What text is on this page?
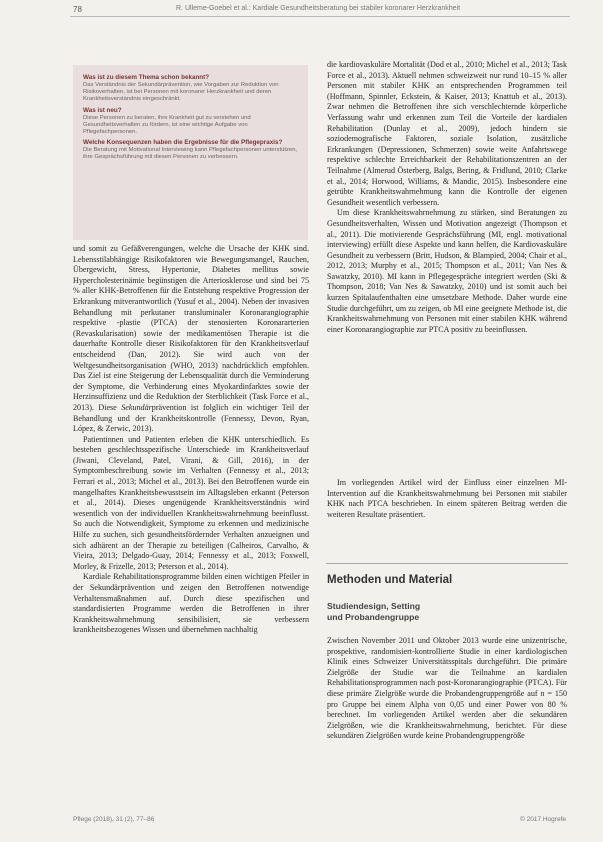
78	R. Ulleme-Goebel et al.: Kardiale Gesundheitsberatung bei stabiler koronarer Herzkrankheit
Was ist zu diesem Thema schon bekannt?
Das Verständnis der Sekundärprävention, wie Vorgaben zur Reduktion von Risikoverhalten, ist bei Personen mit koronarer Herzkrankheit und deren Krankheitsverständnis eingeschränkt.
Was ist neu?
Diese Personen zu beraten, ihre Krankheit gut zu verstehen und Gesundheitsverhalten zu fördern, ist eine wichtige Aufgabe von Pflegefachpersonen.
Welche Konsequenzen haben die Ergebnisse für die Pflegepraxis?
Die Beratung mit Motivational Interviewing kann Pflegefachpersonen unterstützen, ihre Gesprächsführung mit diesen Personen zu verbessern.

und somit zu Gefäßverengungen, welche die Ursache der KHK sind. Lebensstilabhängige Risikofaktoren wie Bewegungsmangel, Rauchen, Übergewicht, Stress, Hypertonie, Diabetes mellitus sowie Hypercholesterinämie begünstigen die Arteriosklerose und sind bei 75 % aller KHK-Betroffenen für die Entstehung respektive Progression der Erkrankung mitverantwortlich (Yusuf et al., 2004). Neben der invasiven Behandlung mit perkutaner transluminaler Koronarangiographie respektive -plastie (PTCA) der stenosierten Koronararterien (Revaskularisation) sowie der medikamentösen Therapie ist die dauerhafte Kontrolle dieser Risikofaktoren für den Krankheitsverlauf entscheidend (Dan, 2012). Sie wird auch von der Weltgesundheitsorganisation (WHO, 2013) nachdrücklich empfohlen. Das Ziel ist eine Steigerung der Lebensqualität durch die Verminderung der Symptome, die Verhinderung eines Myokardinfarktes sowie der Herzinsuffizienz und die Reduktion der Sterblichkeit (Task Force et al., 2013). Diese Sekundärprävention ist folglich ein wichtiger Teil der Behandlung und der Krankheitskontrolle (Fennessy, Devon, Ryan, López, & Zerwic, 2013).

Patientinnen und Patienten erleben die KHK unterschiedlich. Es bestehen geschlechtsspezifische Unterschiede im Krankheitsverlauf (Jiwani, Cleveland, Patel, Virani, & Gill, 2016), in der Symptombeschreibung sowie im Verhalten (Fennessy et al., 2013; Ferrari et al., 2013; Michel et al., 2013). Bei den Betroffenen wurde ein mangelhaftes Krankheitsbewusstsein im Alltagsleben erkannt (Peterson et al., 2014). Dieses ungenügende Krankheitsverständnis wird wesentlich von der individuellen Krankheitswahrnehmung beeinflusst. So auch die Notwendigkeit, Symptome zu erkennen und medizinische Hilfe zu suchen, sich gesundheitsfördernder Verhalten anzueignen und sich adhärent an der Therapie zu beteiligen (Calheiros, Carvalho, & Vieira, 2013; Delgado-Guay, 2014; Fennessy et al., 2013; Foxwell, Morley, & Frizelle, 2013; Peterson et al., 2014).

Kardiale Rehabilitationsprogramme bilden einen wichtigen Pfeiler in der Sekundärprävention und zeigen den Betroffenen notwendige Verhaltensmaßnahmen auf. Durch diese spezifischen und standardisierten Programme werden die Betroffenen in ihrer Krankheitswahrnehmung sensibilisiert, sie verbessern krankheitsbezogenes Wissen und übernehmen nachhaltig

die kardiovaskuläre Mortalität (Dod et al., 2010; Michel et al., 2013; Task Force et al., 2013). Aktuell nehmen schweizweit nur rund 10–15 % aller Personen mit stabiler KHK an entsprechenden Programmen teil (Hoffmann, Spinnler, Eckstein, & Kaiser, 2013; Knattub et al., 2013). Zwar nehmen die Betroffenen ihre sich verschlechternde körperliche Verfassung wahr und erkennen zum Teil die Vorteile der kardialen Rehabilitation (Dunlay et al., 2009), jedoch hindern sie soziodemografische Faktoren, soziale Isolation, zusätzliche Erkrankungen (Depressionen, Schmerzen) sowie weite Anfahrtswege respektive schlechte Erreichbarkeit der Rehabilitationszentren an der Teilnahme (Almerud Österberg, Balgs, Bering, & Fridlund, 2010; Clarke et al., 2014; Horwood, Williams, & Mandic, 2015). Insbesondere eine getrübte Krankheitswahrnehmung kann die Kontrolle der eigenen Gesundheit wesentlich verbessern.

Um diese Krankheitswahrnehmung zu stärken, sind Beratungen zu Gesundheitsverhalten, Wissen und Motivation angezeigt (Thompson et al., 2011). Die motivierende Gesprächsführung (MI, engl. motivational interviewing) erfüllt diese Aspekte und kann helfen, die Kardiovaskuläre Gesundheit zu verbessern (Britt, Hudson, & Blampied, 2004; Chair et al., 2012, 2013; Murphy et al., 2015; Thompson et al., 2011; Van Nes & Sawatzky, 2010). MI kann in Pflegegespräche integriert werden (Ski & Thompson, 2018; Van Nes & Sawatzky, 2010) und ist somit auch bei kurzen Spitalaufenthalten eine umsetzbare Methode. Daher wurde eine Studie durchgeführt, um zu zeigen, ob MI eine geeignete Methode ist, die Krankheitswahrnehmung von Personen mit einer stabilen KHK während einer Koronarangiographie zur PTCA positiv zu beeinflussen.

Im vorliegenden Artikel wird der Einfluss einer einzelnen MI-Intervention auf die Krankheitswahrnehmung bei Personen mit stabiler KHK nach PTCA beschrieben. In einem späteren Beitrag werden die weiteren Resultate präsentiert.

Methoden und Material
Studiendesign, Setting
und Probandengruppe

Zwischen November 2011 und Oktober 2013 wurde eine unizentrische, prospektive, randomisiert-kontrollierte Studie in einer kardiologischen Klinik eines Schweizer Universitätsspitals durchgeführt. Die primäre Zielgröße der Studie war die Teilnahme an kardialen Rehabilitationsprogrammen nach post-Koronarangiographie (PTCA). Für diese primäre Zielgröße wurde die Probandengruppengröße auf n = 150 pro Gruppe bei einem Alpha von 0,05 und einer Power von 80 % berechnet. Im vorliegenden Artikel werden aber die sekundären Zielgrößen, wie die Krankheitswahrnehmung, berichtet. Für diese sekundären Zielgrößen wurde keine Probandengruppengröße

Pflege (2018), 31 (2), 77–86	© 2017 Hogrefe
